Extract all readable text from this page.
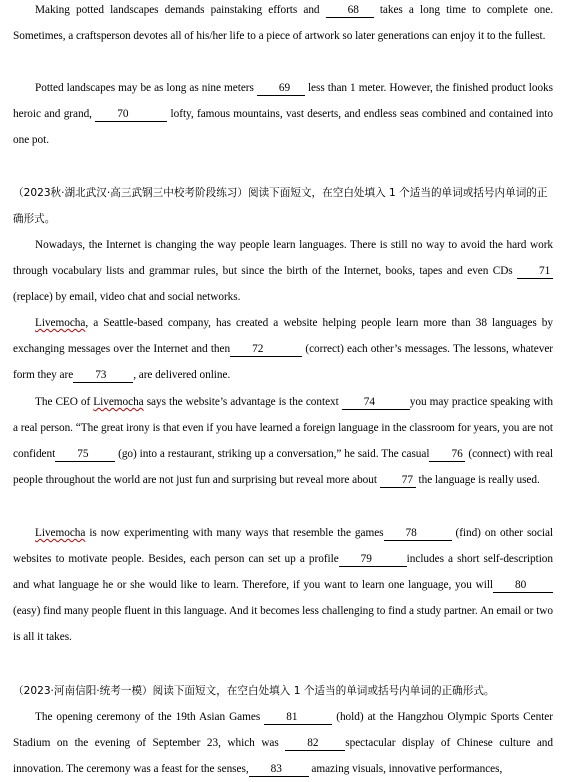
Making potted landscapes demands painstaking efforts and 68 takes a long time to complete one. Sometimes, a craftsperson devotes all of his/her life to a piece of artwork so later generations can enjoy it to the fullest.

Potted landscapes may be as long as nine meters 69 less than 1 meter. However, the finished product looks heroic and grand, 70	lofty, famous mountains, vast deserts, and endless seas combined and contained into one pot.

（2023秋·湖北武汉·高三武钢三中校考阶段练习）阅读下面短文，在空白处填入 1 个适当的单词或括号内单词的正确形式。

Nowadays, the Internet is changing the way people learn languages. There is still no way to avoid the hard work through vocabulary lists and grammar rules, but since the birth of the Internet, books, tapes and even CDs 71 (replace) by email, video chat and social networks.

Livemocha, a Seattle-based company, has created a website helping people learn more than 38 languages by exchanging messages over the Internet and then 72	(correct) each other’s messages. The lessons, whatever form they are 73 , are delivered online.

The CEO of Livemocha says the website’s advantage is the context 74	you may practice speaking with a real person. “The great irony is that even if you have learned a foreign language in the classroom for years, you are not confident 75 (go) into a restaurant, striking up a conversation,” he said. The casual 76 (connect) with real people throughout the world are not just fun and surprising but reveal more about 77 the language is really used.

Livemocha is now experimenting with many ways that resemble the games 78	(find) on other social websites to motivate people. Besides, each person can set up a profile 79	includes a short self-description and what language he or she would like to learn. Therefore, if you want to learn one language, you will 80 (easy) find many people fluent in this language. And it becomes less challenging to find a study partner. An email or two is all it takes.

（2023·河南信阳·统考一模）阅读下面短文，在空白处填入 1 个适当的单词或括号内单词的正确形式。

The opening ceremony of the 19th Asian Games 81	(hold) at the Hangzhou Olympic Sports Center Stadium on the evening of September 23, which was 82 spectacular display of Chinese culture and innovation. The ceremony was a feast for the senses, 83 amazing visuals, innovative performances,
